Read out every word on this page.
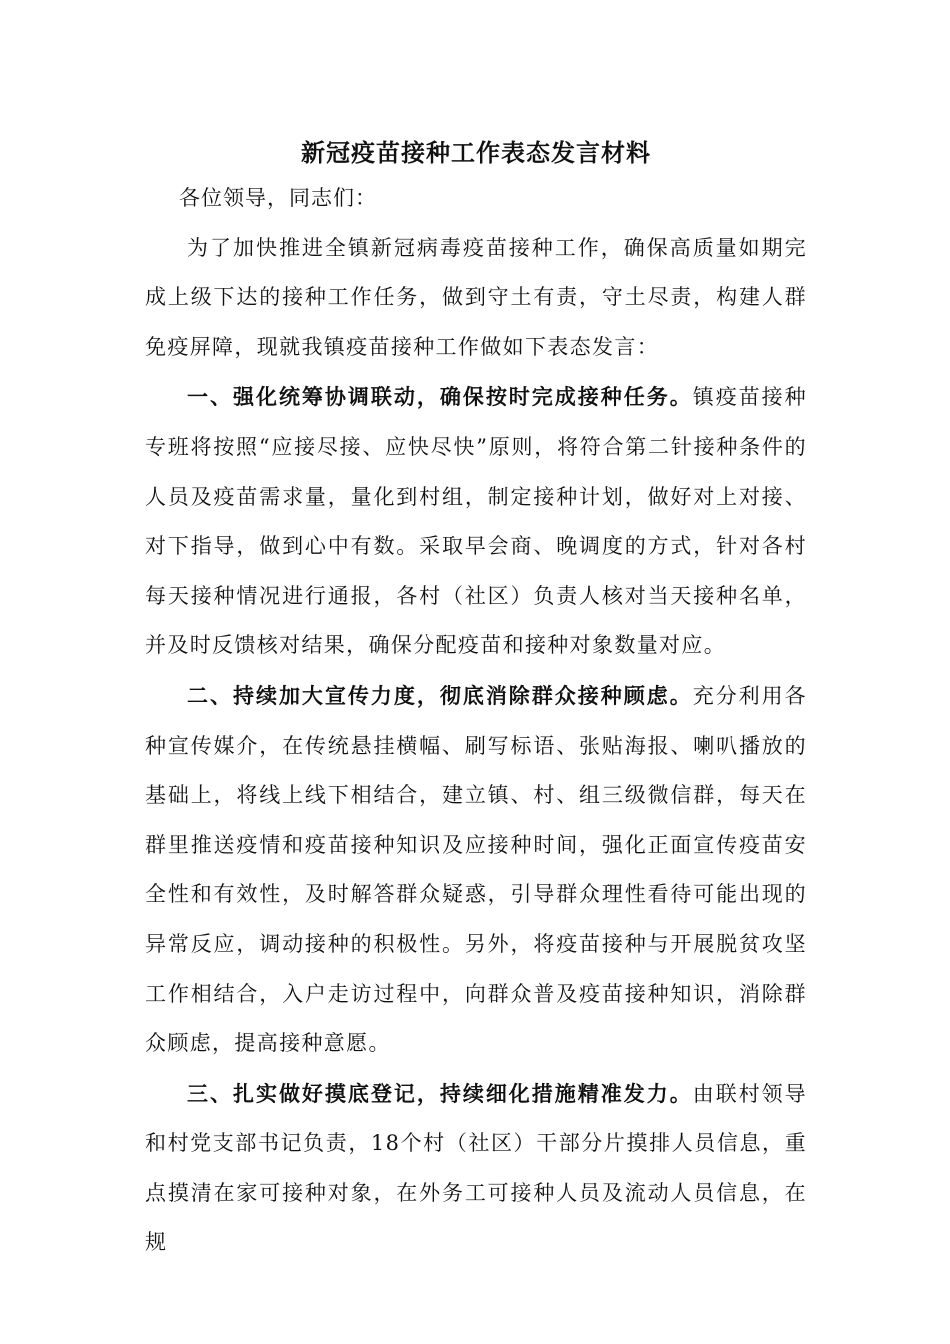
新冠疫苗接种工作表态发言材料

各位领导，同志们：

为了加快推进全镇新冠病毒疫苗接种工作，确保高质量如期完成上级下达的接种工作任务，做到守土有责，守土尽责，构建人群免疫屏障，现就我镇疫苗接种工作做如下表态发言：

一、强化统筹协调联动，确保按时完成接种任务。镇疫苗接种专班将按照“应接尽接、应快尽快”原则，将符合第二针接种条件的人员及疫苗需求量，量化到村组，制定接种计划，做好对上对接、对下指导，做到心中有数。采取早会商、晚调度的方式，针对各村每天接种情况进行通报，各村（社区）负责人核对当天接种名单，并及时反馈核对结果，确保分配疫苗和接种对象数量对应。

二、持续加大宣传力度，彻底消除群众接种顾虑。充分利用各种宣传媒介，在传统悬挂横幅、刷写标语、张贴海报、喇叭播放的基础上，将线上线下相结合，建立镇、村、组三级微信群，每天在群里推送疫情和疫苗接种知识及应接种时间，强化正面宣传疫苗安全性和有效性，及时解答群众疑惑，引导群众理性看待可能出现的异常反应，调动接种的积极性。另外，将疫苗接种与开展脱贫攻坚工作相结合，入户走访过程中，向群众普及疫苗接种知识，消除群众顾虑，提高接种意愿。

三、扎实做好摸底登记，持续细化措施精准发力。由联村领导和村党支部书记负责，18个村（社区）干部分片摸排人员信息，重点摸清在家可接种对象，在外务工可接种人员及流动人员信息，在规
